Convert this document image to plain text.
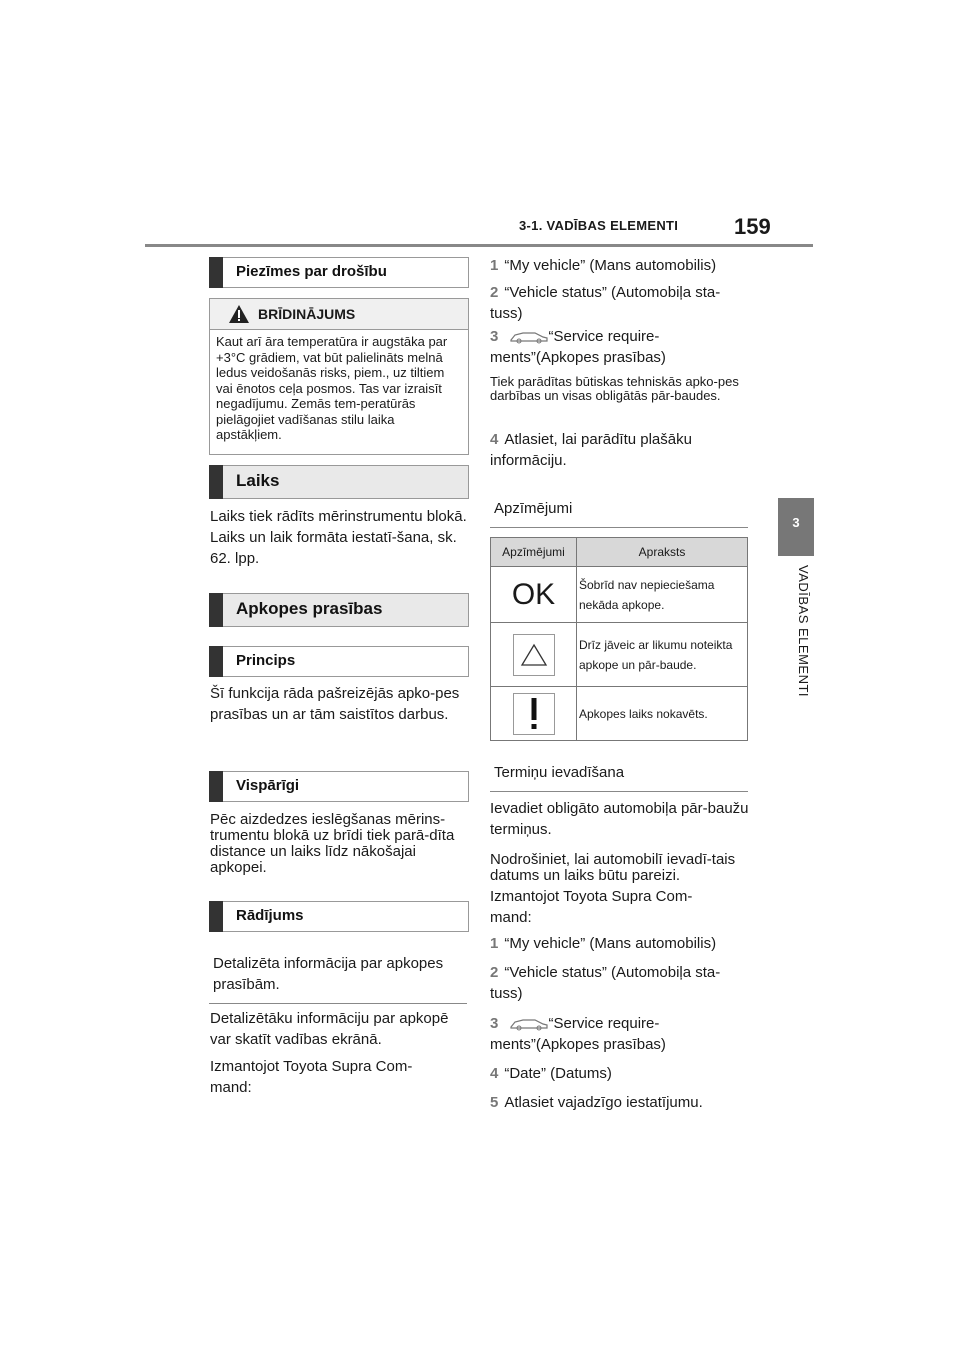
3-1. VADĪBAS ELEMENTI	159
3
VADĪBAS ELEMENTI
Piezīmes par drošību
BRĪDINĀJUMS
Kaut arī āra temperatūra ir augstāka par +3°C grādiem, vat būt palielināts melnā ledus veidošanās risks, piem., uz tiltiem vai ēnotos ceļa posmos. Tas var izraisīt negadījumu. Zemās tem-peratūrās pielāgojiet vadīšanas stilu laika apstākļiem.
Laiks
Laiks tiek rādīts mērinstrumentu blokā. Laiks un laik formāta iestatī-šana, sk. 62. lpp.
Apkopes prasības
Princips
Šī funkcija rāda pašreizējās apko-pes prasības un ar tām saistītos darbus.
Vispārīgi
Pēc aizdedzes ieslēgšanas mērins-trumentu blokā uz brīdi tiek parā-dīta distance un laiks līdz nākošajai apkopei.
Rādījums
Detalizēta informācija par apkopes prasībām.
Detalizētāku informāciju par apkopē var skatīt vadības ekrānā.
Izmantojot Toyota Supra Com-mand:
1 “My vehicle” (Mans automobilis)
2 “Vehicle status” (Automobiļa sta-tuss)
3	“Service require-ments”(Apkopes prasības)
Tiek parādītas būtiskas tehniskās apko-pes darbības un visas obligātās pār-baudes.
4 Atlasiet, lai parādītu plašāku informāciju.
Apzīmējumi
Apzīmējumi	Apraksts

OK	Šobrīd nav nepieciešama nekāda apkope.

	Drīz jāveic ar likumu noteikta apkope un pār-baude.

	Apkopes laiks nokavēts.
Termiņu ievadīšana
Ievadiet obligāto automobiļa pār-baužu termiņus.
Nodrošiniet, lai automobilī ievadī-tais datums un laiks būtu pareizi.
Izmantojot Toyota Supra Com-mand:
1 “My vehicle” (Mans automobilis)
2 “Vehicle status” (Automobiļa sta-tuss)
3	“Service require-ments”(Apkopes prasības)
4 “Date” (Datums)
5 Atlasiet vajadzīgo iestatījumu.
